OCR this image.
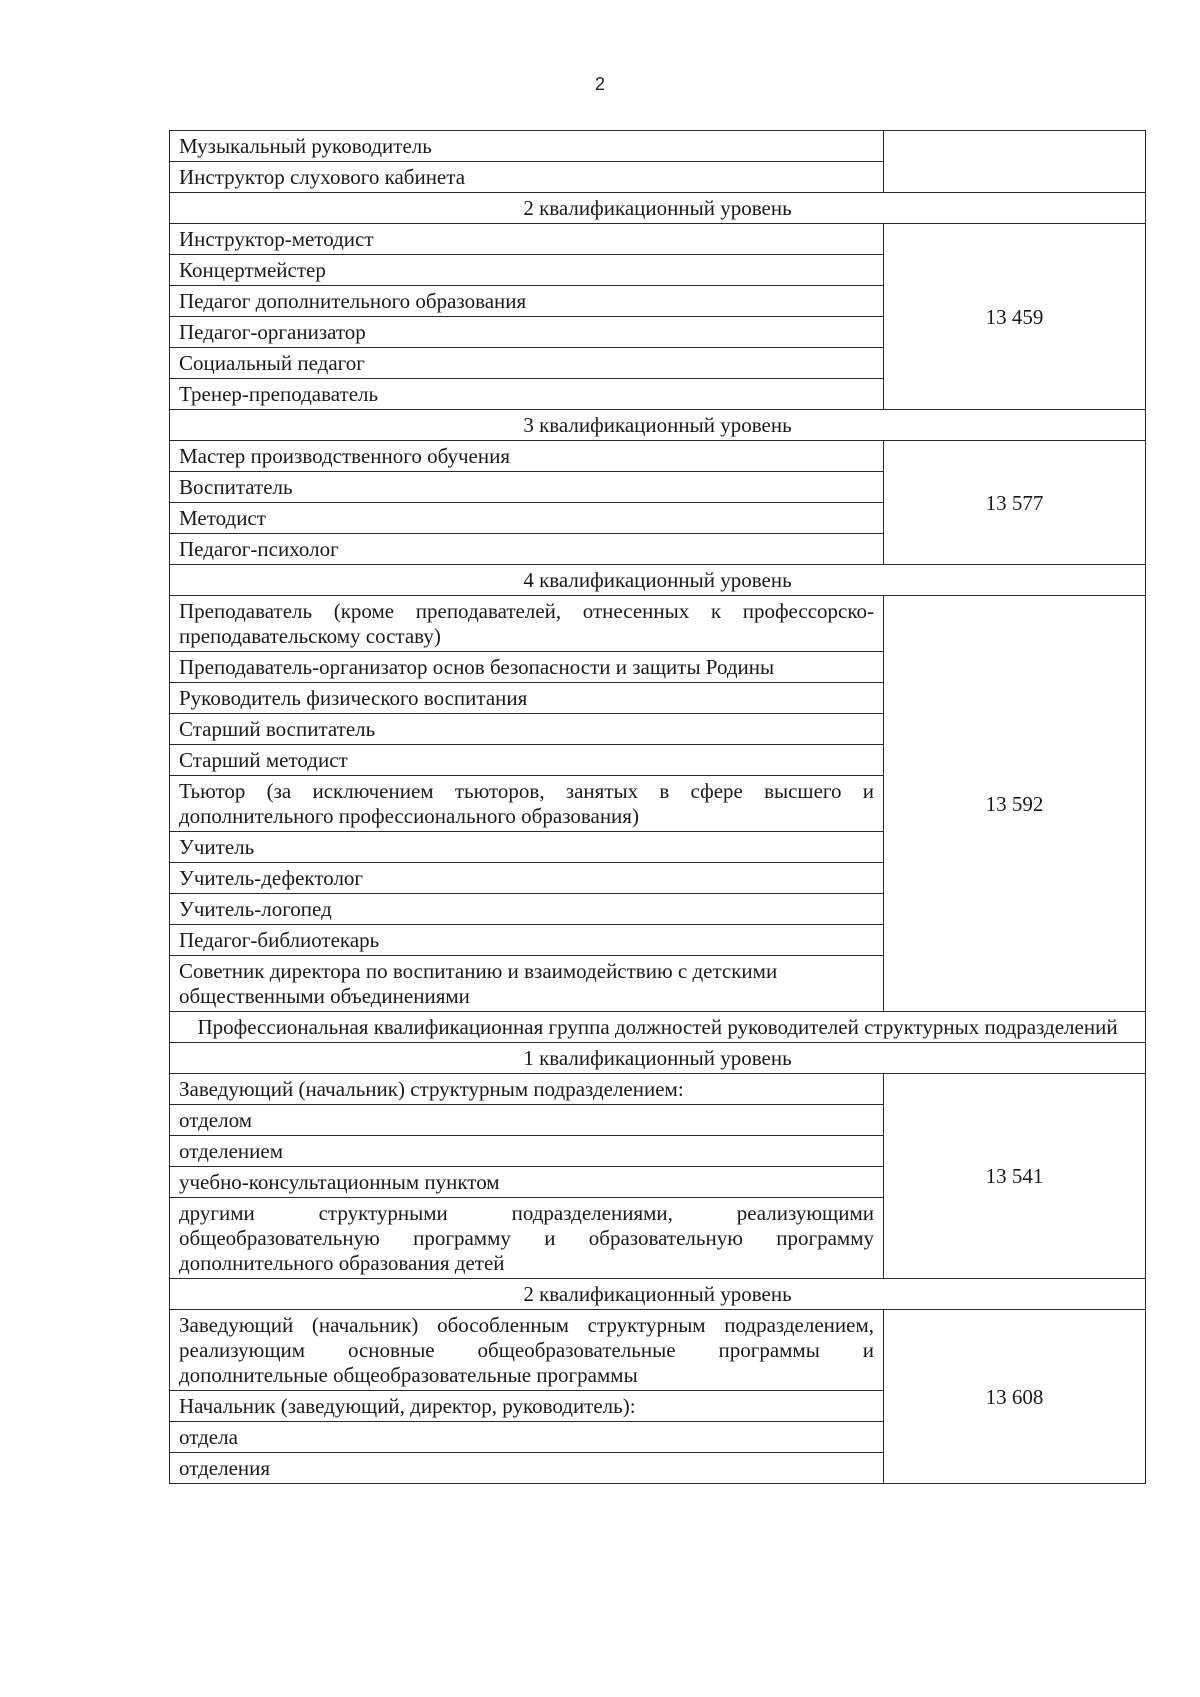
2
Музыкальный руководитель	
Инструктор слухового кабинета	
2 квалификационный уровень	
Инструктор-методист	13 459
Концертмейстер	
Педагог дополнительного образования	
Педагог-организатор	
Социальный педагог	
Тренер-преподаватель	
3 квалификационный уровень	
Мастер производственного обучения	13 577
Воспитатель	
Методист	
Педагог-психолог	
4 квалификационный уровень	
Преподаватель (кроме преподавателей, отнесенных к профессорско-преподавательскому составу)	13 592
Преподаватель-организатор основ безопасности и защиты Родины	
Руководитель физического воспитания	
Старший воспитатель	
Старший методист	
Тьютор (за исключением тьюторов, занятых в сфере высшего и дополнительного профессионального образования)	
Учитель	
Учитель-дефектолог	
Учитель-логопед	
Педагог-библиотекарь	
Советник директора по воспитанию и взаимодействию с детскими общественными объединениями	
Профессиональная квалификационная группа должностей руководителей структурных подразделений	
1 квалификационный уровень	
Заведующий (начальник) структурным подразделением:	13 541
отделом	
отделением	
учебно-консультационным пунктом	
другими структурными подразделениями, реализующими общеобразовательную программу и образовательную программу дополнительного образования детей	
2 квалификационный уровень	
Заведующий (начальник) обособленным структурным подразделением, реализующим основные общеобразовательные программы и дополнительные общеобразовательные программы	13 608
Начальник (заведующий, директор, руководитель):	
отдела	
отделения	
